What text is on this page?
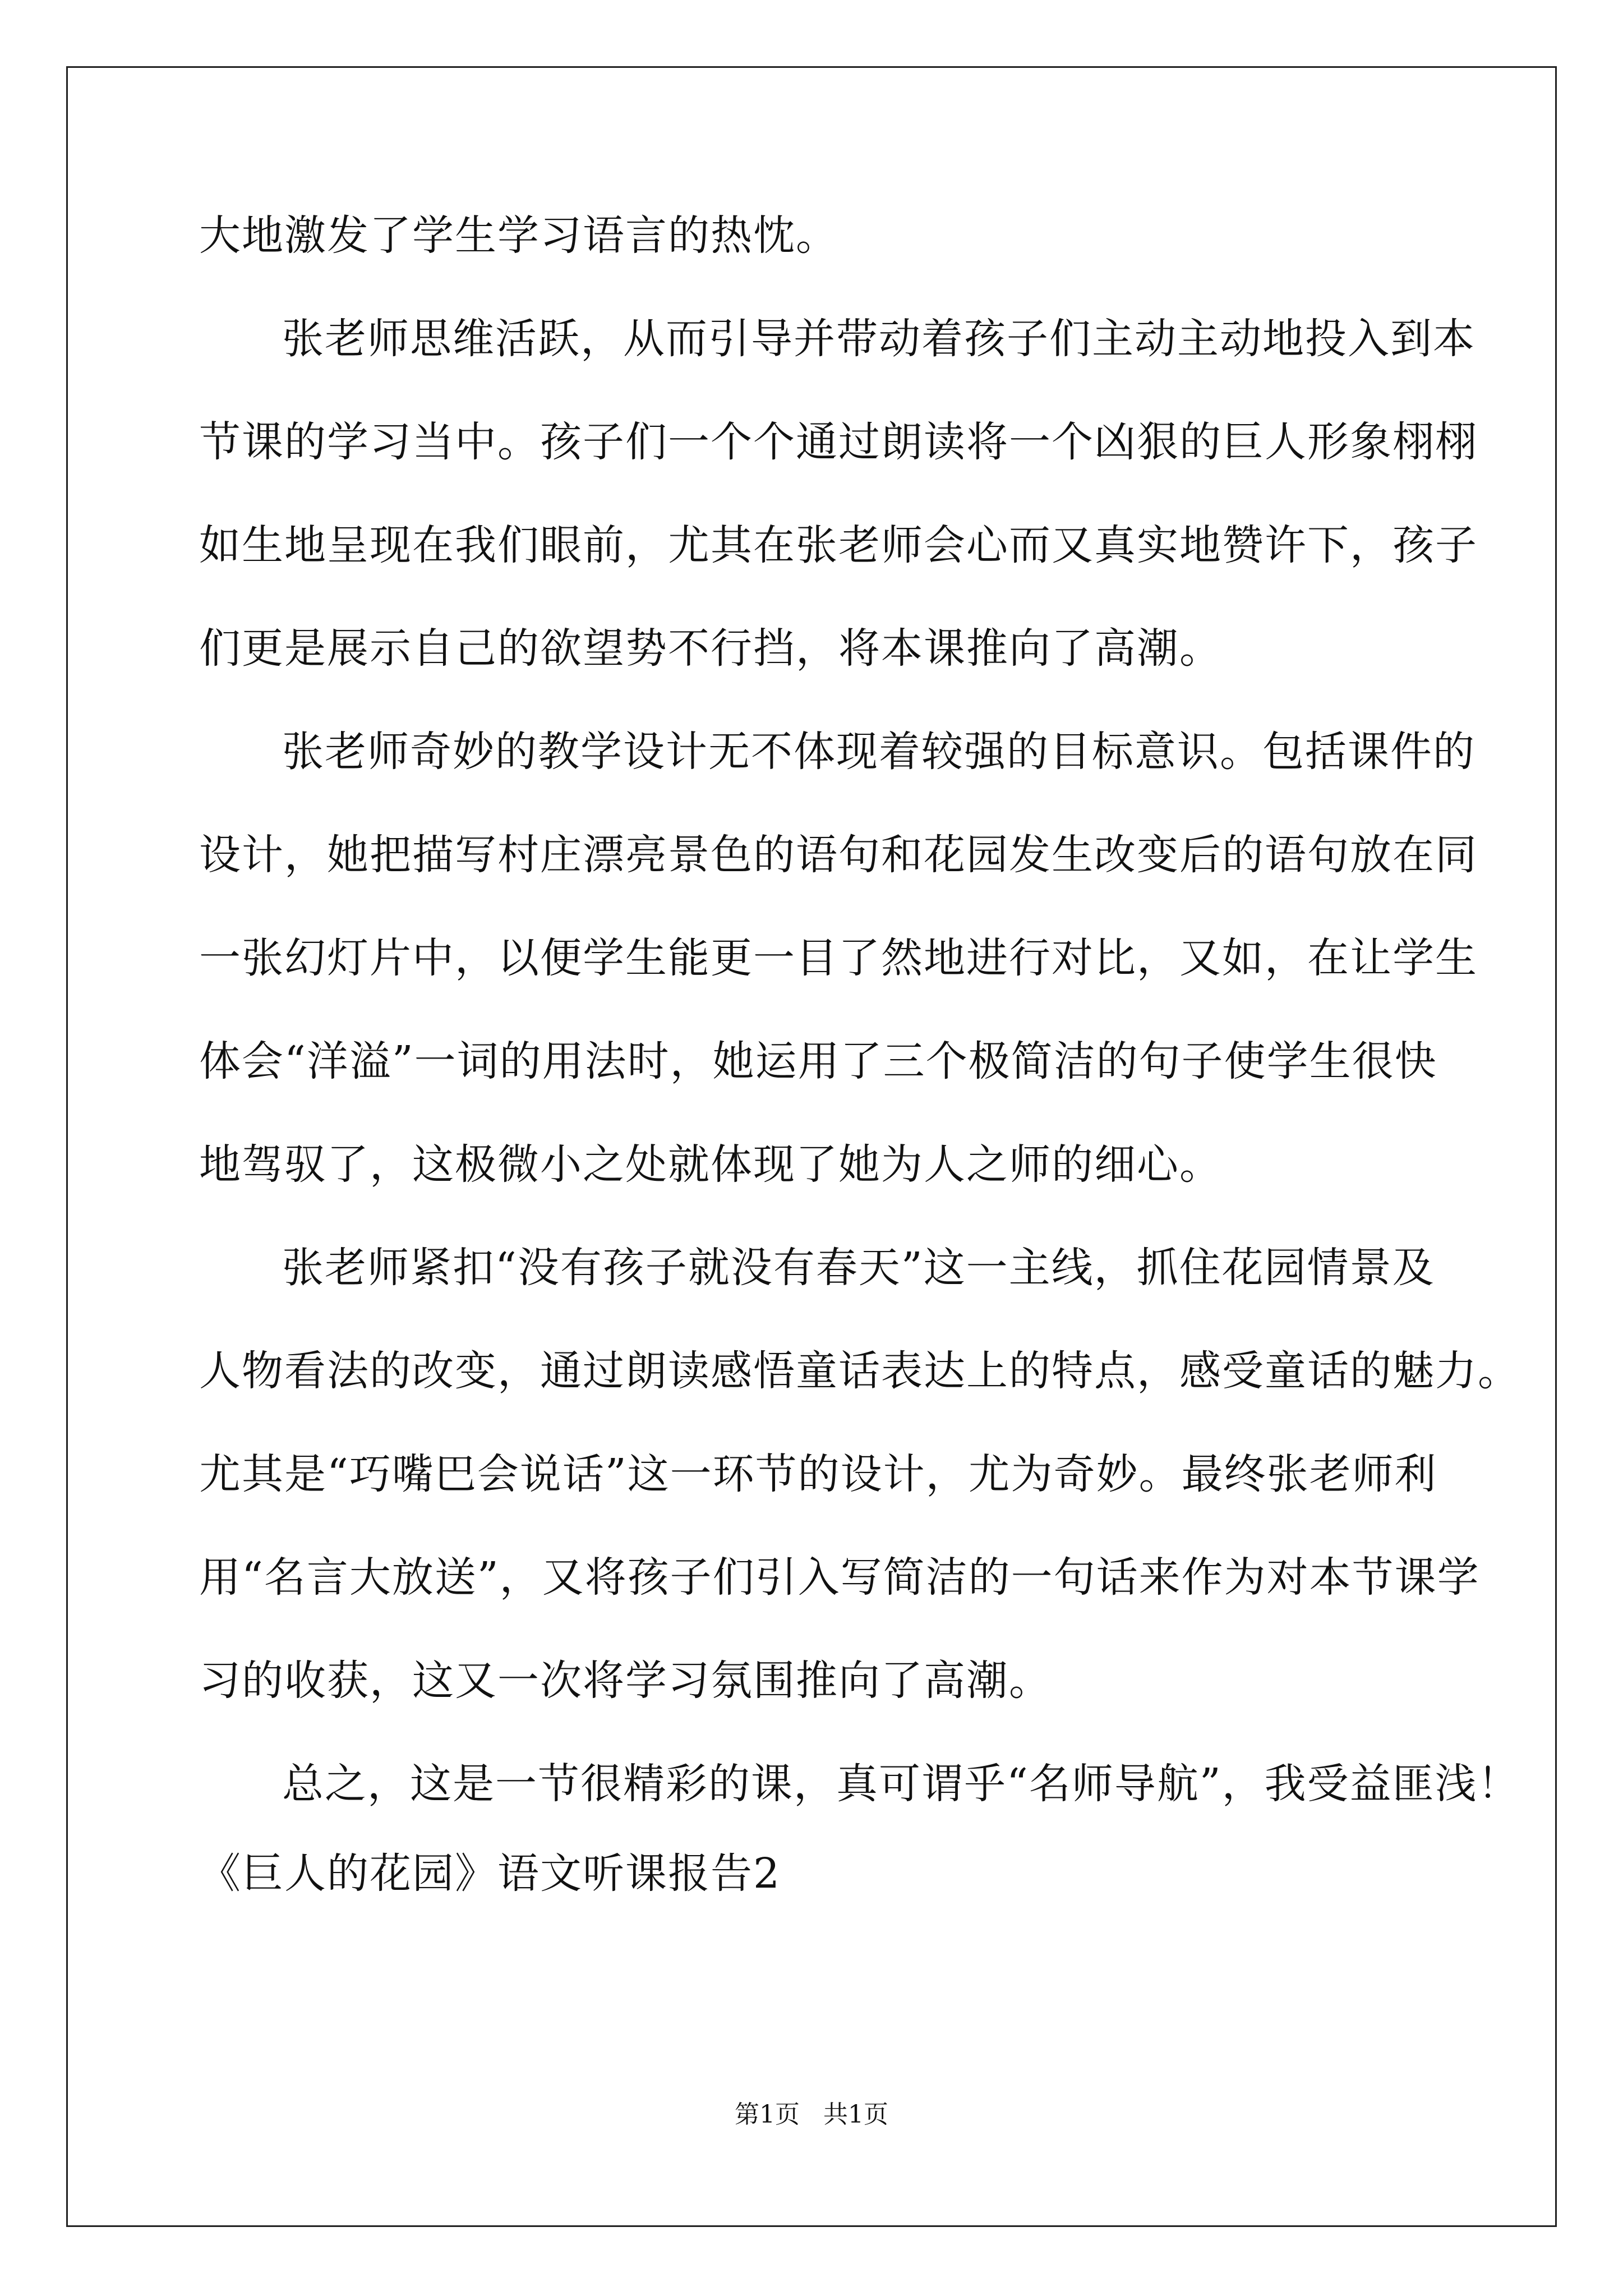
大地激发了学生学习语言的热忱。
张老师思维活跃，从而引导并带动着孩子们主动主动地投入到本
节课的学习当中。孩子们一个个通过朗读将一个凶狠的巨人形象栩栩
如生地呈现在我们眼前，尤其在张老师会心而又真实地赞许下，孩子
们更是展示自己的欲望势不行挡，将本课推向了高潮。
张老师奇妙的教学设计无不体现着较强的目标意识。包括课件的
设计，她把描写村庄漂亮景色的语句和花园发生改变后的语句放在同
一张幻灯片中，以便学生能更一目了然地进行对比，又如，在让学生
体会“洋溢”一词的用法时，她运用了三个极简洁的句子使学生很快
地驾驭了，这极微小之处就体现了她为人之师的细心。
张老师紧扣“没有孩子就没有春天”这一主线，抓住花园情景及
人物看法的改变，通过朗读感悟童话表达上的特点，感受童话的魅力。
尤其是“巧嘴巴会说话”这一环节的设计，尤为奇妙。最终张老师利
用“名言大放送”，又将孩子们引入写简洁的一句话来作为对本节课学
习的收获，这又一次将学习氛围推向了高潮。
总之，这是一节很精彩的课，真可谓乎“名师导航”，我受益匪浅！
《巨人的花园》语文听课报告2
第1页 共1页
